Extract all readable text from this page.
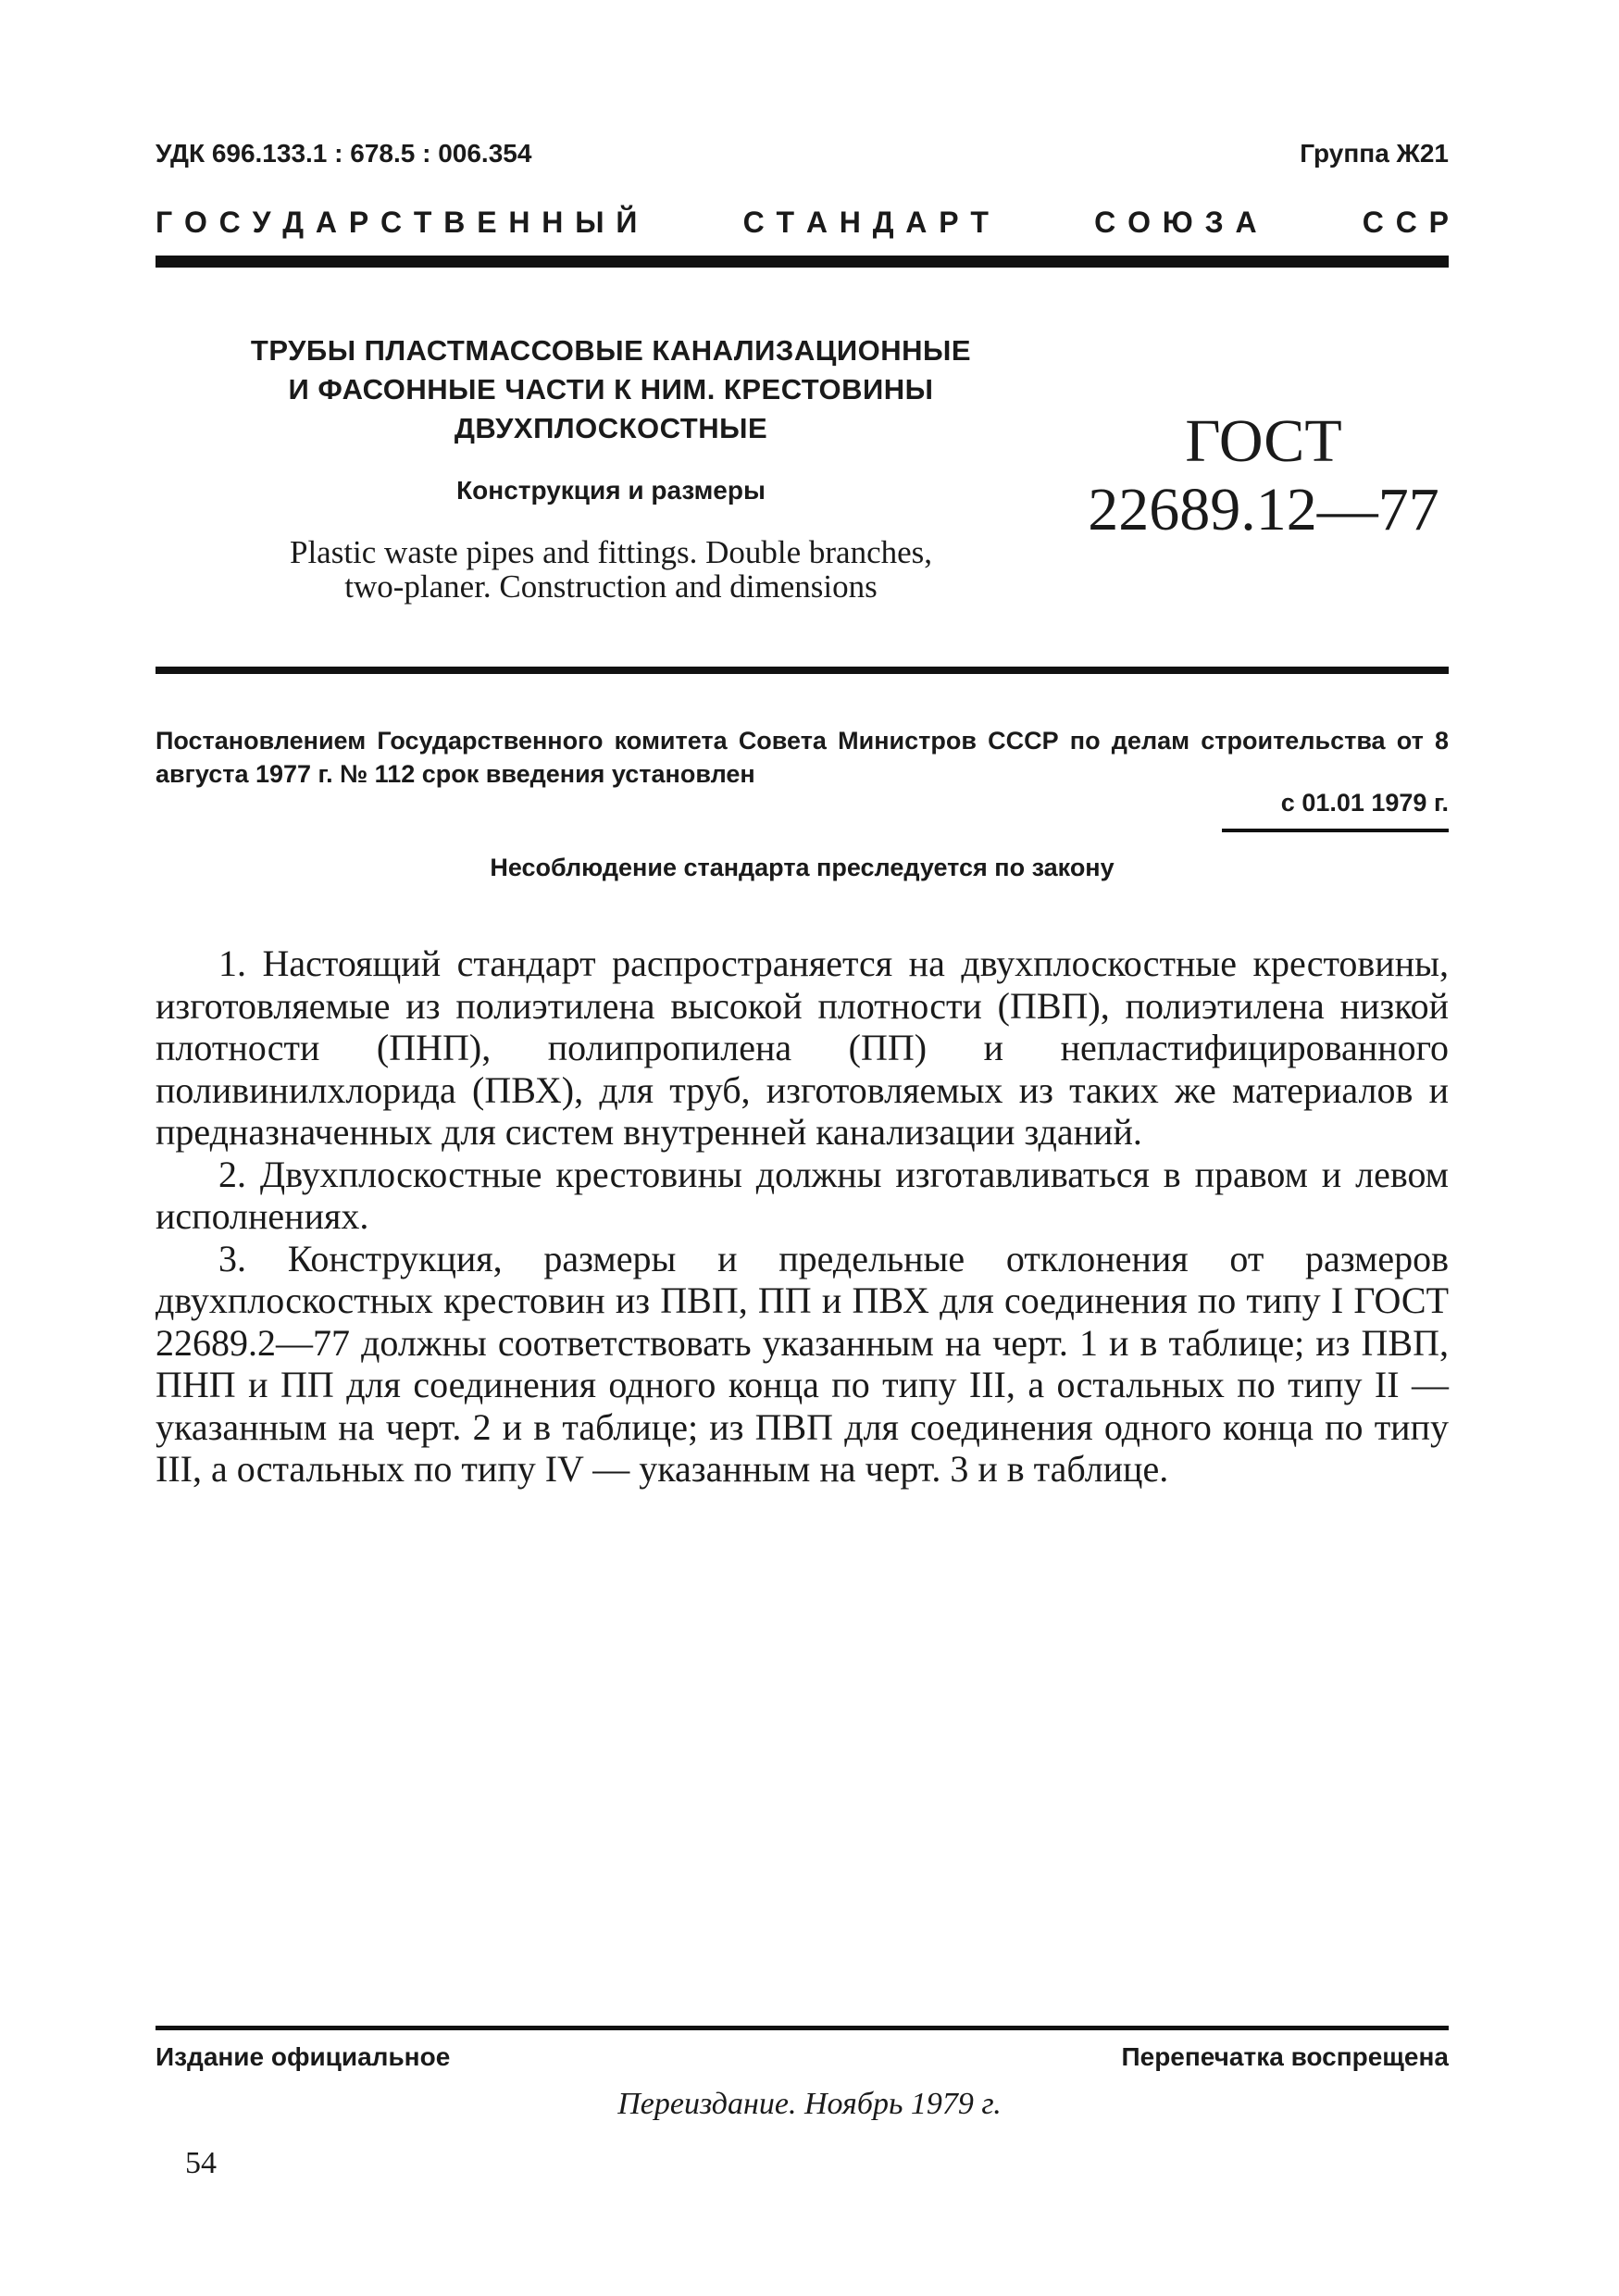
УДК 696.133.1 : 678.5 : 006.354	Группа Ж21
Г  О  С  У  Д  А  Р  С  Т  В  Е  Н  Н  Ы  Й	С  Т  А  Н  Д  А  Р  Т	С  О  Ю  З  А	С  С  Р
ТРУБЫ ПЛАСТМАССОВЫЕ КАНАЛИЗАЦИОННЫЕ
И ФАСОННЫЕ ЧАСТИ К НИМ. КРЕСТОВИНЫ
ДВУХПЛОСКОСТНЫЕ
Конструкция и размеры
Plastic waste pipes and fittings. Double branches,
two-planer. Construction and dimensions
ГОСТ
22689.12—77
Постановлением Государственного комитета Совета Министров СССР по делам строительства от 8 августа 1977 г. № 112 срок введения установлен
с 01.01 1979 г.
Несоблюдение стандарта преследуется по закону

1. Настоящий стандарт распространяется на двухплоскостные крестовины, изготовляемые из полиэтилена высокой плотности (ПВП), полиэтилена низкой плотности (ПНП), полипропилена (ПП) и непластифицированного поливинилхлорида (ПВХ), для труб, изготовляемых из таких же материалов и предназначенных для систем внутренней канализации зданий.

2. Двухплоскостные крестовины должны изготавливаться в правом и левом исполнениях.

3. Конструкция, размеры и предельные отклонения от размеров двухплоскостных крестовин из ПВП, ПП и ПВХ для соединения по типу I ГОСТ 22689.2—77 должны соответствовать указанным на черт. 1 и в таблице; из ПВП, ПНП и ПП для соединения одного конца по типу III, а остальных по типу II — указанным на черт. 2 и в таблице; из ПВП для соединения одного конца по типу III, а остальных по типу IV — указанным на черт. 3 и в таблице.

Издание официальное	Перепечатка воспрещена
Переиздание. Ноябрь 1979 г.
54
